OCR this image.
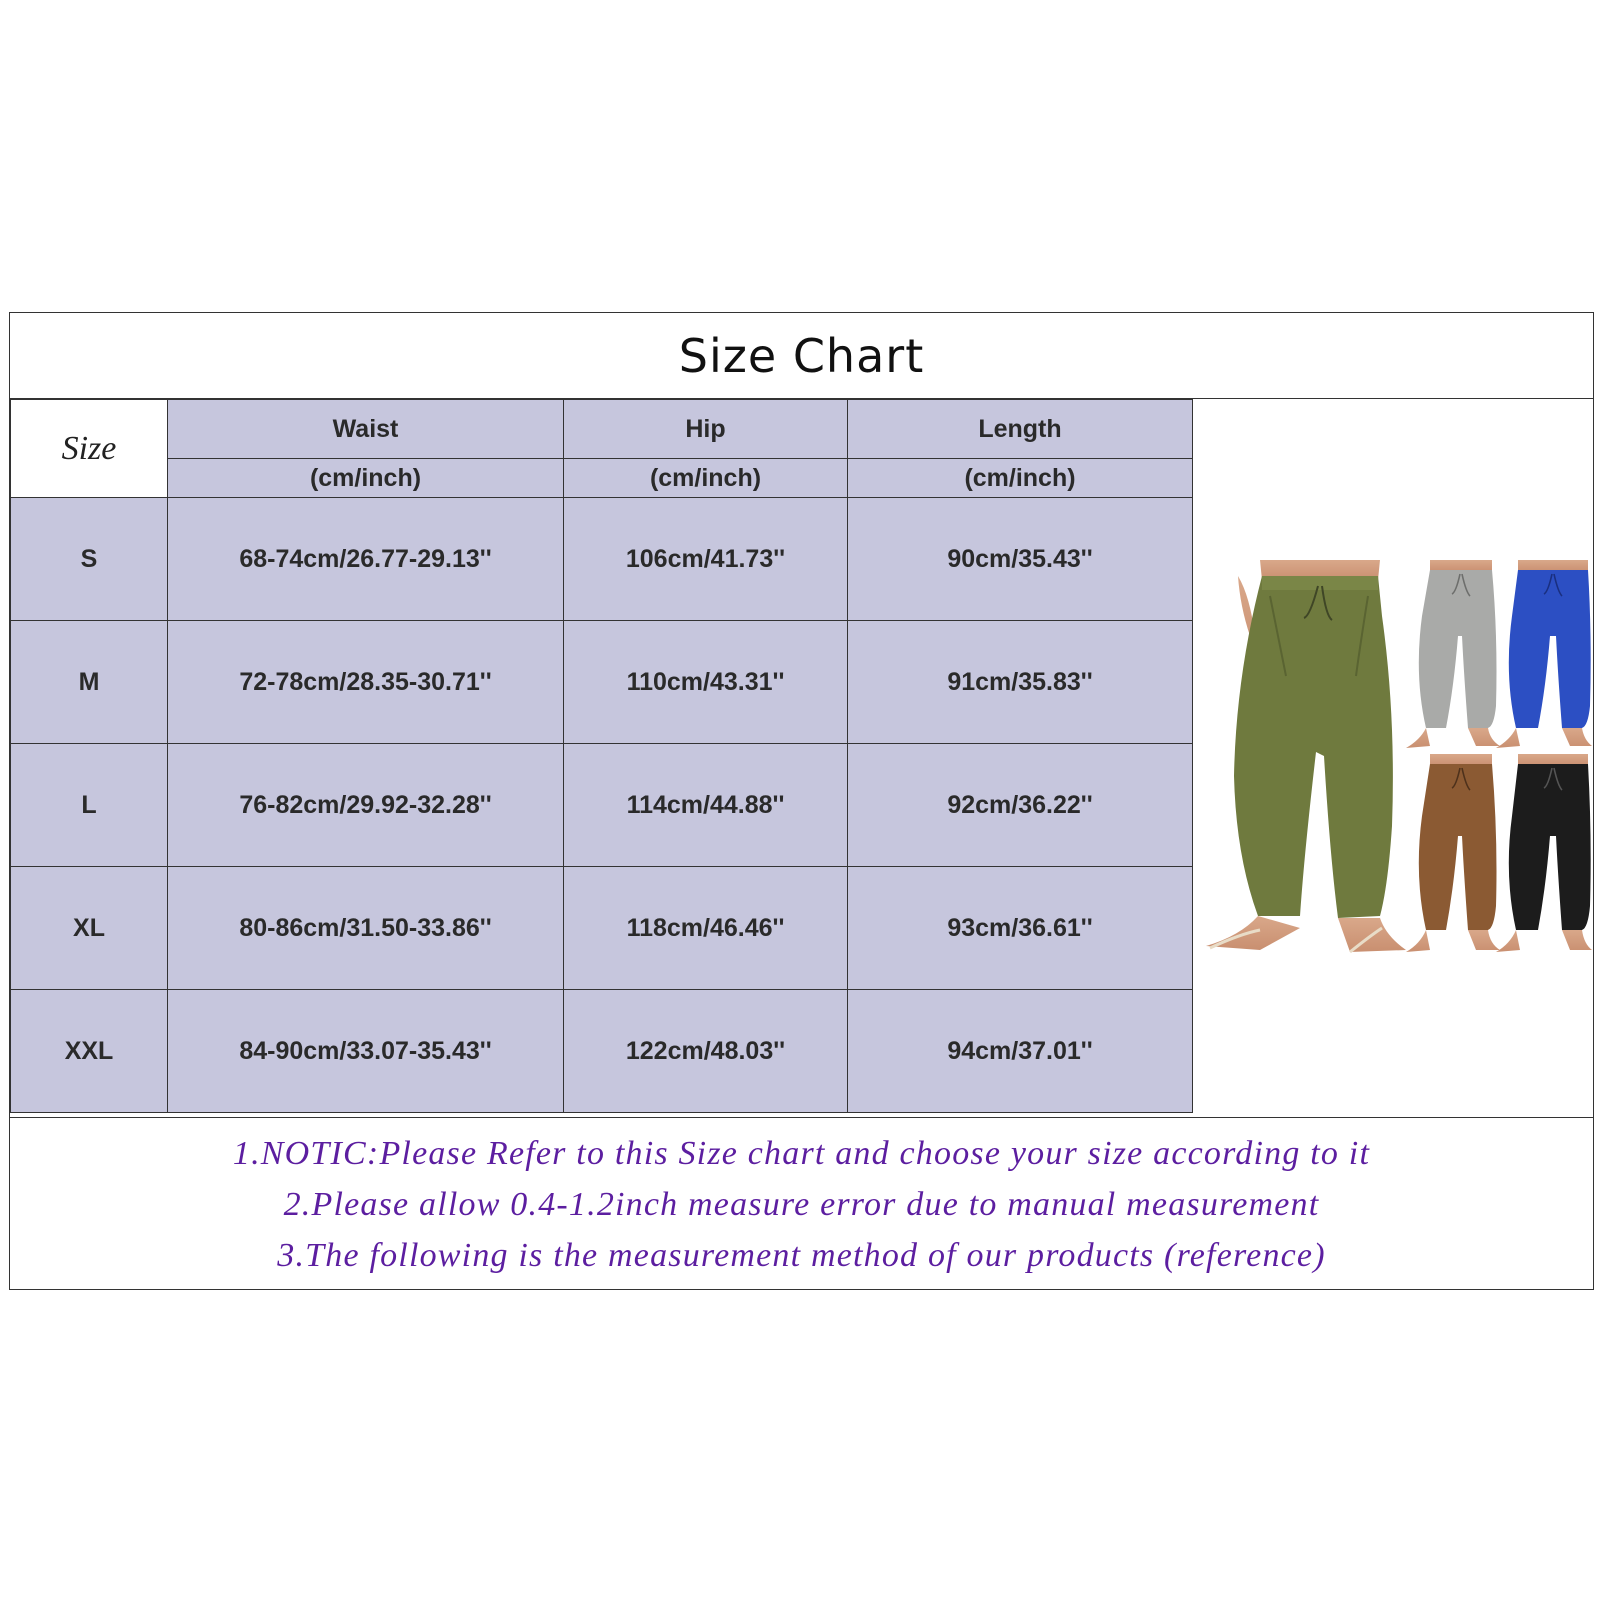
Size Chart
Size	Waist	Hip	Length
	(cm/inch)	(cm/inch)	(cm/inch)
S	68-74cm/26.77-29.13''	106cm/41.73''	90cm/35.43''
M	72-78cm/28.35-30.71''	110cm/43.31''	91cm/35.83''
L	76-82cm/29.92-32.28''	114cm/44.88''	92cm/36.22''
XL	80-86cm/31.50-33.86''	118cm/46.46''	93cm/36.61''
XXL	84-90cm/33.07-35.43''	122cm/48.03''	94cm/37.01''
1.NOTIC:Please Refer to this Size chart and choose your size according to it
2.Please allow 0.4-1.2inch measure error due to manual measurement
3.The following is the measurement method of our products (reference)
